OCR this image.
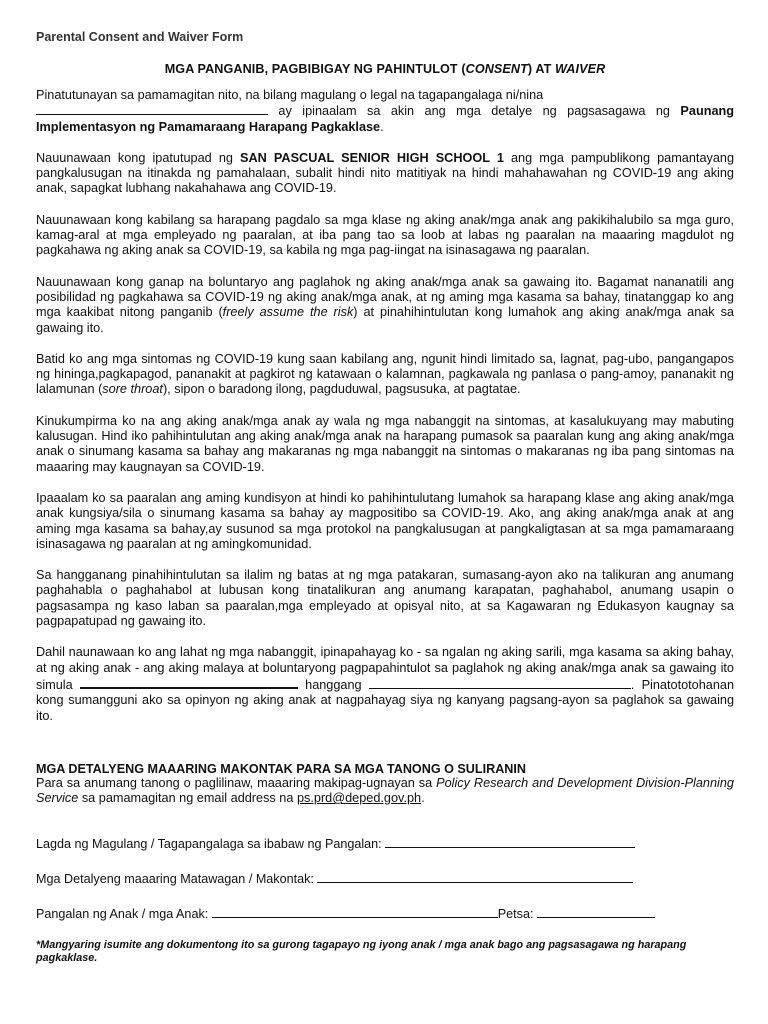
Parental Consent and Waiver Form
MGA PANGANIB, PAGBIBIGAY NG PAHINTULOT (CONSENT) AT WAIVER

Pinatutunayan sa pamamagitan nito, na bilang magulang o legal na tagapangalaga ni/nina
ay ipinaalam sa akin ang mga detalye ng pagsasagawa ng Paunang Implementasyon ng Pamamaraang Harapang Pagkaklase.

Nauunawaan kong ipatutupad ng SAN PASCUAL SENIOR HIGH SCHOOL 1 ang mga pampublikong pamantayang pangkalusugan na itinakda ng pamahalaan, subalit hindi nito matitiyak na hindi mahahawahan ng COVID-19 ang aking anak, sapagkat lubhang nakahahawa ang COVID-19.

Nauunawaan kong kabilang sa harapang pagdalo sa mga klase ng aking anak/mga anak ang pakikihalubilo sa mga guro, kamag-aral at mga empleyado ng paaralan, at iba pang tao sa loob at labas ng paaralan na maaaring magdulot ng pagkahawa ng aking anak sa COVID-19, sa kabila ng mga pag-iingat na isinasagawa ng paaralan.

Nauunawaan kong ganap na boluntaryo ang paglahok ng aking anak/mga anak sa gawaing ito. Bagamat nananatili ang posibilidad ng pagkahawa sa COVID-19 ng aking anak/mga anak, at ng aming mga kasama sa bahay, tinatanggap ko ang mga kaakibat nitong panganib (freely assume the risk) at pinahihintulutan kong lumahok ang aking anak/mga anak sa gawaing ito.

Batid ko ang mga sintomas ng COVID-19 kung saan kabilang ang, ngunit hindi limitado sa, lagnat, pag-ubo, pangangapos ng hininga,pagkapagod, pananakit at pagkirot ng katawaan o kalamnan, pagkawala ng panlasa o pang-amoy, pananakit ng lalamunan (sore throat), sipon o baradong ilong, pagduduwal, pagsusuka, at pagtatae.

Kinukumpirma ko na ang aking anak/mga anak ay wala ng mga nabanggit na sintomas, at kasalukuyang may mabuting kalusugan. Hind iko pahihintulutan ang aking anak/mga anak na harapang pumasok sa paaralan kung ang aking anak/mga anak o sinumang kasama sa bahay ang makaranas ng mga nabanggit na sintomas o makaranas ng iba pang sintomas na maaaring may kaugnayan sa COVID-19.

Ipaaalam ko sa paaralan ang aming kundisyon at hindi ko pahihintulutang lumahok sa harapang klase ang aking anak/mga anak kungsiya/sila o sinumang kasama sa bahay ay magpositibo sa COVID-19. Ako, ang aking anak/mga anak at ang aming mga kasama sa bahay,ay susunod sa mga protokol na pangkalusugan at pangkaligtasan at sa mga pamamaraang isinasagawa ng paaralan at ng amingkomunidad.

Sa hangganang pinahihintulutan sa ilalim ng batas at ng mga patakaran, sumasang-ayon ako na talikuran ang anumang paghahabla o paghahabol at lubusan kong tinatalikuran ang anumang karapatan, paghahabol, anumang usapin o pagsasampa ng kaso laban sa paaralan,mga empleyado at opisyal nito, at sa Kagawaran ng Edukasyon kaugnay sa pagpapatupad ng gawaing ito.

Dahil naunawaan ko ang lahat ng mga nabanggit, ipinapahayag ko - sa ngalan ng aking sarili, mga kasama sa aking bahay, at ng aking anak - ang aking malaya at boluntaryong pagpapahintulot sa paglahok ng aking anak/mga anak sa gawaing ito simula	hanggang	. Pinatototohanan kong sumangguni ako sa opinyon ng aking anak at nagpahayag siya ng kanyang pagsang-ayon sa paglahok sa gawaing ito.

MGA DETALYENG MAAARING MAKONTAK PARA SA MGA TANONG O SULIRANIN

Para sa anumang tanong o paglilinaw, maaaring makipag-ugnayan sa Policy Research and Development Division-Planning Service sa pamamagitan ng email address na ps.prd@deped.gov.ph.

Lagda ng Magulang / Tagapangalaga sa ibabaw ng Pangalan:
Mga Detalyeng maaaring Matawagan / Makontak:
Pangalan ng Anak / mga Anak:	Petsa:
*Mangyaring isumite ang dokumentong ito sa gurong tagapayo ng iyong anak / mga anak bago ang pagsasagawa ng harapang pagkaklase.
